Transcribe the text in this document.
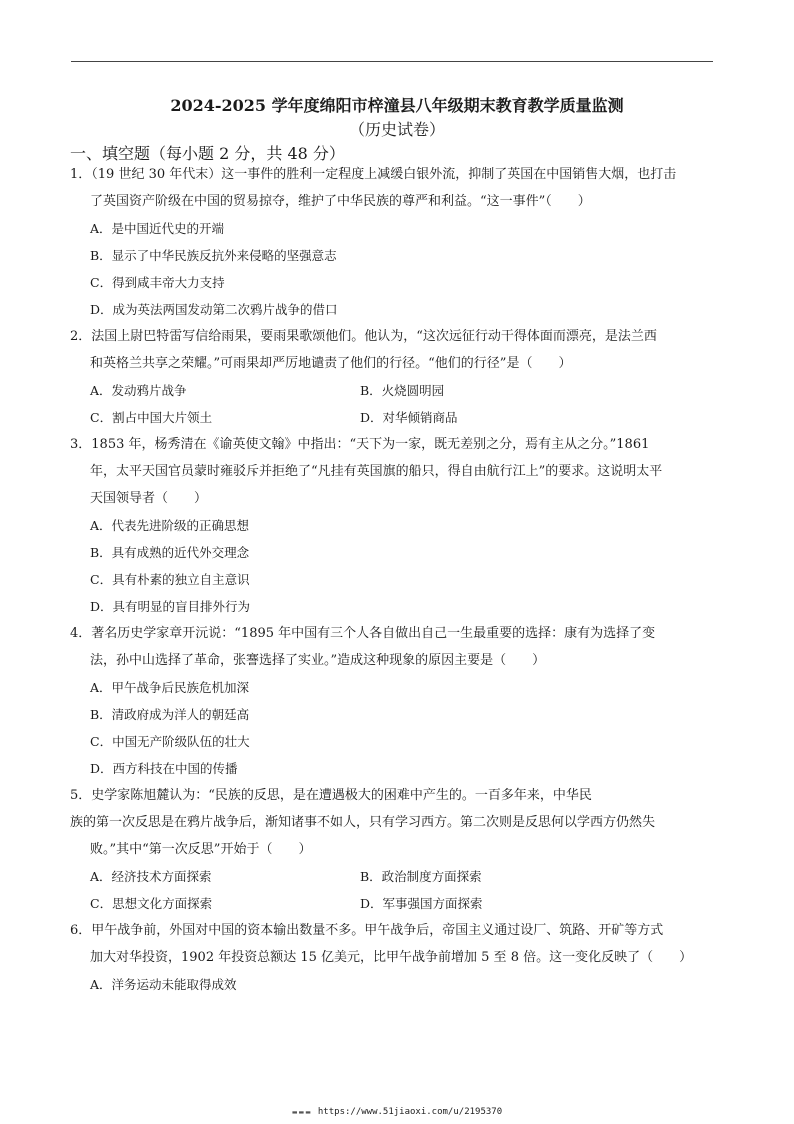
2024-2025 学年度绵阳市梓潼县八年级期末教育教学质量监测
（历史试卷）
一、填空题（每小题 2 分，共 48 分）
1．（19 世纪 30 年代末）这一事件的胜利一定程度上减缓白银外流，抑制了英国在中国销售大烟，也打击
了英国资产阶级在中国的贸易掠夺，维护了中华民族的尊严和利益。“这一事件”（　　）
A．是中国近代史的开端
B．显示了中华民族反抗外来侵略的坚强意志
C．得到咸丰帝大力支持
D．成为英法两国发动第二次鸦片战争的借口
2．法国上尉巴特雷写信给雨果，要雨果歌颂他们。他认为，“这次远征行动干得体面而漂亮，是法兰西
和英格兰共享之荣耀。”可雨果却严厉地谴责了他们的行径。“他们的行径”是（　　）
A．发动鸦片战争	B．火烧圆明园
C．割占中国大片领土	D．对华倾销商品
3．1853 年，杨秀清在《谕英使文翰》中指出：“天下为一家，既无差别之分，焉有主从之分。”1861
年，太平天国官员蒙时雍驳斥并拒绝了“凡挂有英国旗的船只，得自由航行江上”的要求。这说明太平
天国领导者（　　）
A．代表先进阶级的正确思想
B．具有成熟的近代外交理念
C．具有朴素的独立自主意识
D．具有明显的盲目排外行为
4．著名历史学家章开沅说：“1895 年中国有三个人各自做出自己一生最重要的选择：康有为选择了变
法，孙中山选择了革命，张謇选择了实业。”造成这种现象的原因主要是（　　）
A．甲午战争后民族危机加深
B．清政府成为洋人的朝廷高
C．中国无产阶级队伍的壮大
D．西方科技在中国的传播
5．史学家陈旭麓认为：“民族的反思，是在遭遇极大的困难中产生的。一百多年来，中华民
族的第一次反思是在鸦片战争后，渐知诸事不如人，只有学习西方。第二次则是反思何以学西方仍然失
败。”其中“第一次反思”开始于（　　）
A．经济技术方面探索	B．政治制度方面探索
C．思想文化方面探索	D．军事强国方面探索
6．甲午战争前，外国对中国的资本输出数量不多。甲午战争后，帝国主义通过设厂、筑路、开矿等方式
加大对华投资，1902 年投资总额达 15 亿美元，比甲午战争前增加 5 至 8 倍。这一变化反映了（　　）
A．洋务运动未能取得成效
▬▬▬ https://www.51jiaoxi.com/u/2195370
